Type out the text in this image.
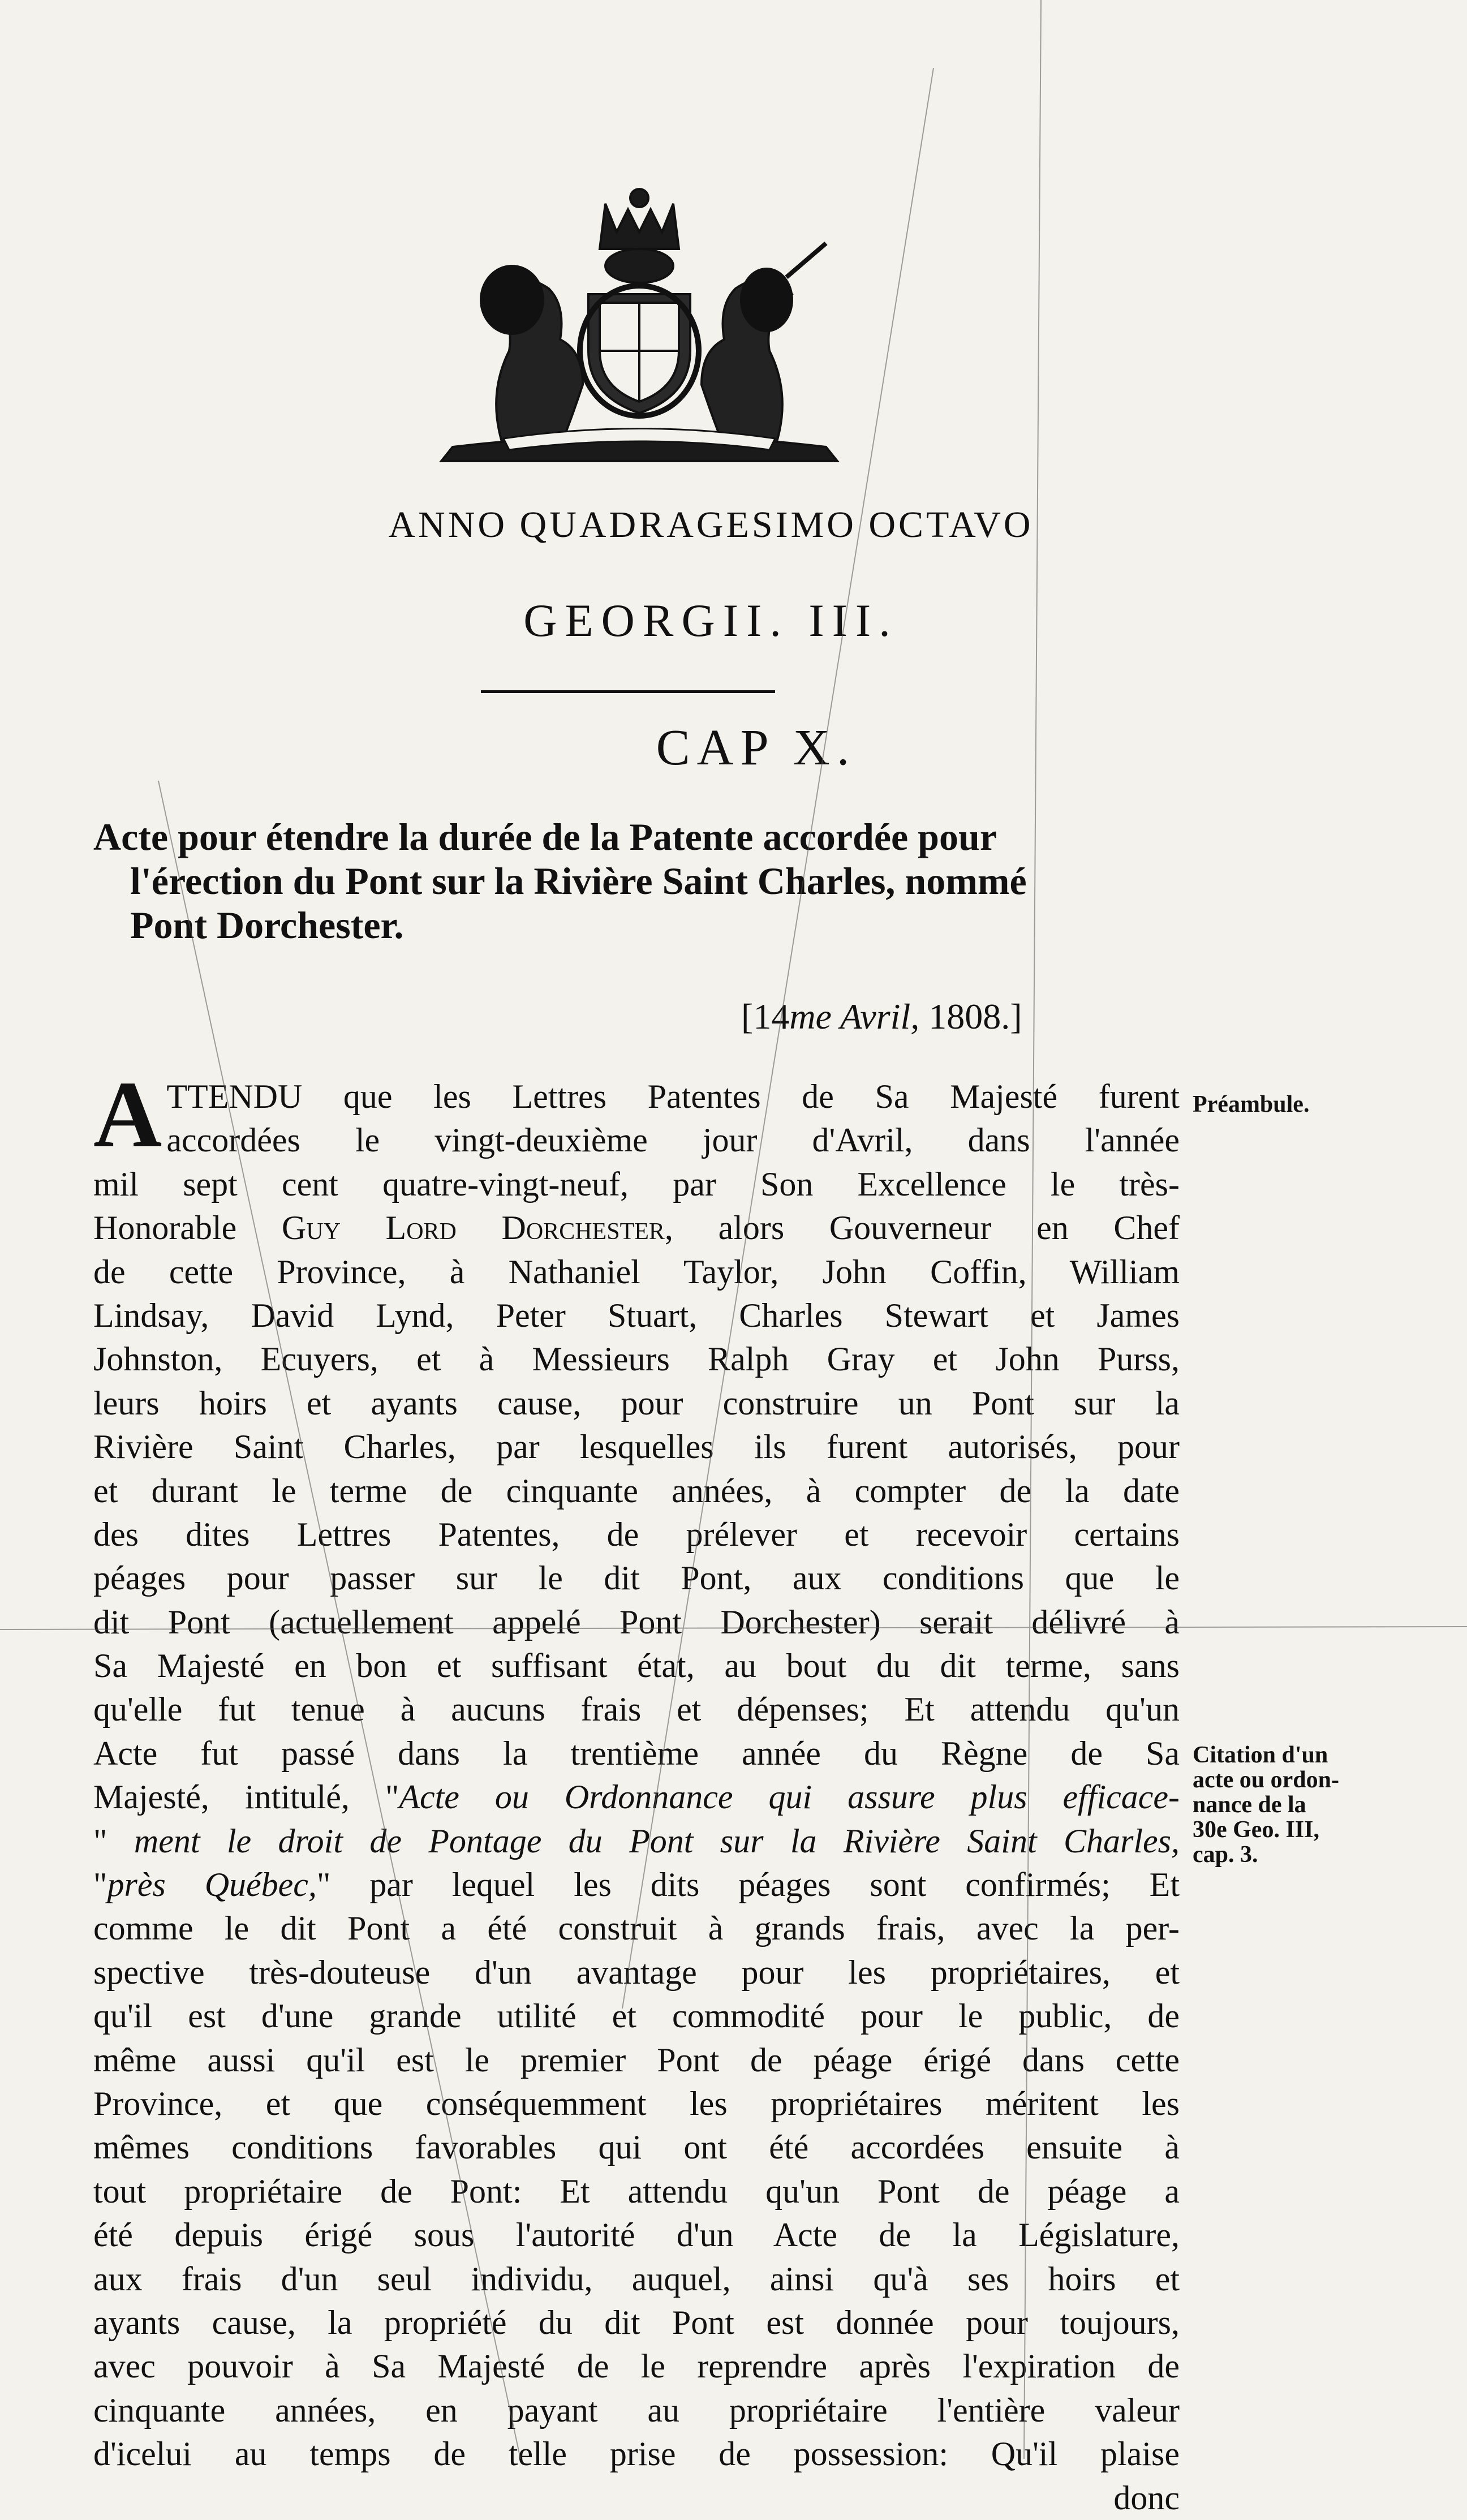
ANNO QUADRAGESIMO OCTAVO
GEORGII. III.
CAP X.
Acte pour étendre la durée de la Patente accordée pour
l'érection du Pont sur la Rivière Saint Charles, nommé
Pont Dorchester.
[14me Avril, 1808.]
Préambule.
Citation d'un
acte ou ordon-
nance de la
30e Geo. III,
cap. 3.
A TTENDU que les Lettres Patentes de Sa Majesté furent
accordées le vingt-deuxième jour d'Avril, dans l'année
mil sept cent quatre-vingt-neuf, par Son Excellence le très-
Honorable Guy Lord Dorchester, alors Gouverneur en Chef
de cette Province, à Nathaniel Taylor, John Coffin, William
Lindsay, David Lynd, Peter Stuart, Charles Stewart et James
Johnston, Ecuyers, et à Messieurs Ralph Gray et John Purss,
leurs hoirs et ayants cause, pour construire un Pont sur la
Rivière Saint Charles, par lesquelles ils furent autorisés, pour
et durant le terme de cinquante années, à compter de la date
des dites Lettres Patentes, de prélever et recevoir certains
péages pour passer sur le dit Pont, aux conditions que le
dit Pont (actuellement appelé Pont Dorchester) serait délivré à
Sa Majesté en bon et suffisant état, au bout du dit terme, sans
qu'elle fut tenue à aucuns frais et dépenses; Et attendu qu'un
Acte fut passé dans la trentième année du Règne de Sa
Majesté, intitulé, "Acte ou Ordonnance qui assure plus efficace-
" ment le droit de Pontage du Pont sur la Rivière Saint Charles,
"près Québec," par lequel les dits péages sont confirmés; Et
comme le dit Pont a été construit à grands frais, avec la per-
spective très-douteuse d'un avantage pour les propriétaires, et
qu'il est d'une grande utilité et commodité pour le public, de
même aussi qu'il est le premier Pont de péage érigé dans cette
Province, et que conséquemment les propriétaires méritent les
mêmes conditions favorables qui ont été accordées ensuite à
tout propriétaire de Pont: Et attendu qu'un Pont de péage a
été depuis érigé sous l'autorité d'un Acte de la Législature,
aux frais d'un seul individu, auquel, ainsi qu'à ses hoirs et
ayants cause, la propriété du dit Pont est donnée pour toujours,
avec pouvoir à Sa Majesté de le reprendre après l'expiration de
cinquante années, en payant au propriétaire l'entière valeur
d'icelui au temps de telle prise de possession: Qu'il plaise
donc
